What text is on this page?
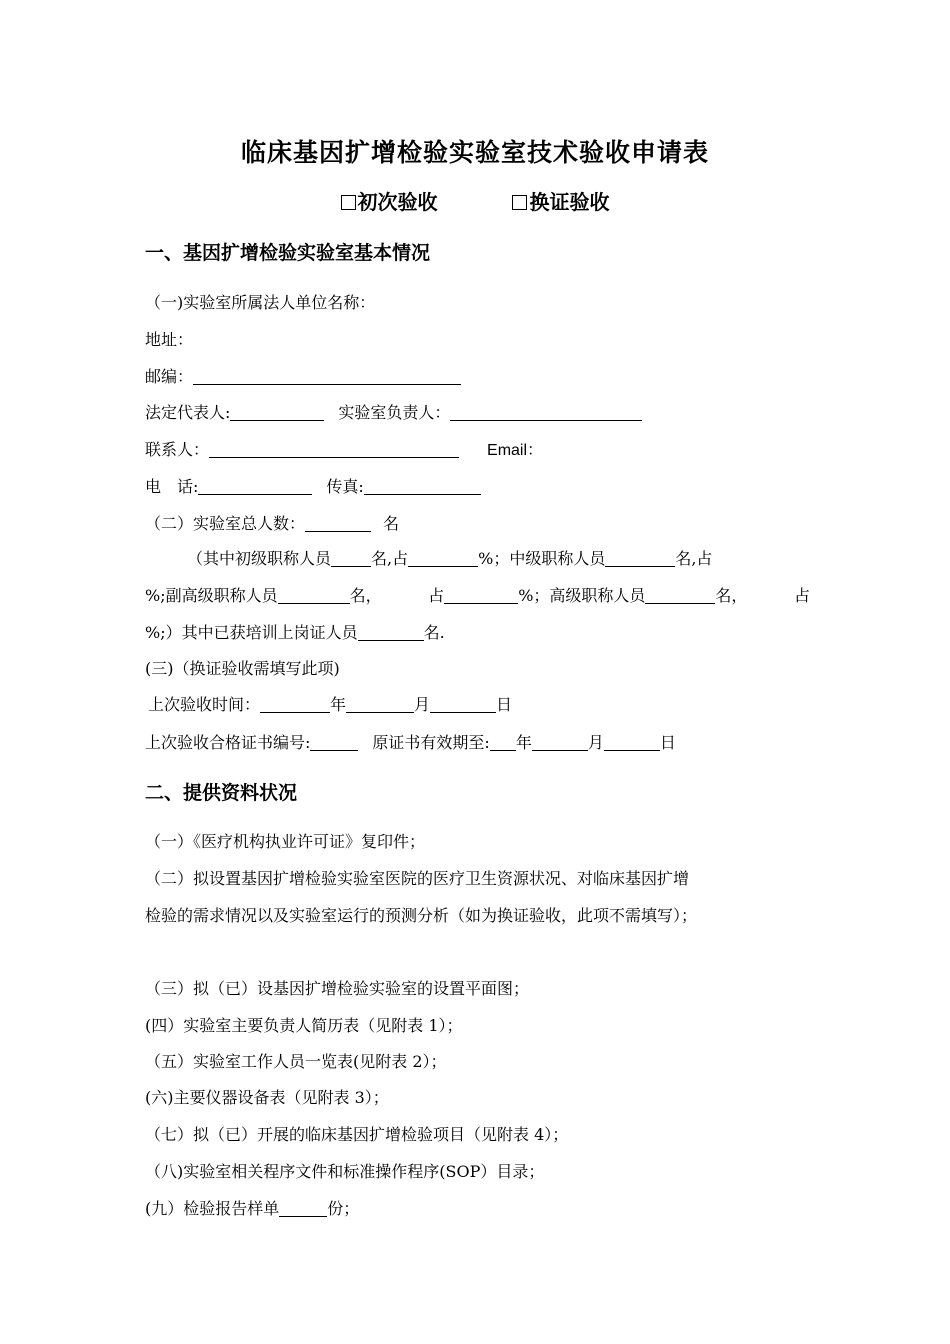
临床基因扩增检验实验室技术验收申请表
初次验收	换证验收
一、基因扩增检验实验室基本情况
（一)实验室所属法人单位名称：
地址：
邮编：
法定代表人:	实验室负责人：
联系人：	Email：
电　话:	传真:
（二）实验室总人数：	名
（其中初级职称人员	名,占	%；中级职称人员	名,占
%;副高级职称人员	名，	占	%；高级职称人员	名，	占
%;）其中已获培训上岗证人员	名.
(三)（换证验收需填写此项)
上次验收时间：	年	月	日
上次验收合格证书编号:	原证书有效期至: 年	月	日
二、提供资料状况
（一）《医疗机构执业许可证》复印件；
（二）拟设置基因扩增检验实验室医院的医疗卫生资源状况、对临床基因扩增
检验的需求情况以及实验室运行的预测分析（如为换证验收，此项不需填写）；
（三）拟（已）设基因扩增检验实验室的设置平面图；
(四）实验室主要负责人简历表（见附表 1）；
（五）实验室工作人员一览表(见附表 2）；
(六)主要仪器设备表（见附表 3）；
（七）拟（已）开展的临床基因扩增检验项目（见附表 4）；
（八)实验室相关程序文件和标准操作程序(SOP）目录；
(九）检验报告样单	份；
